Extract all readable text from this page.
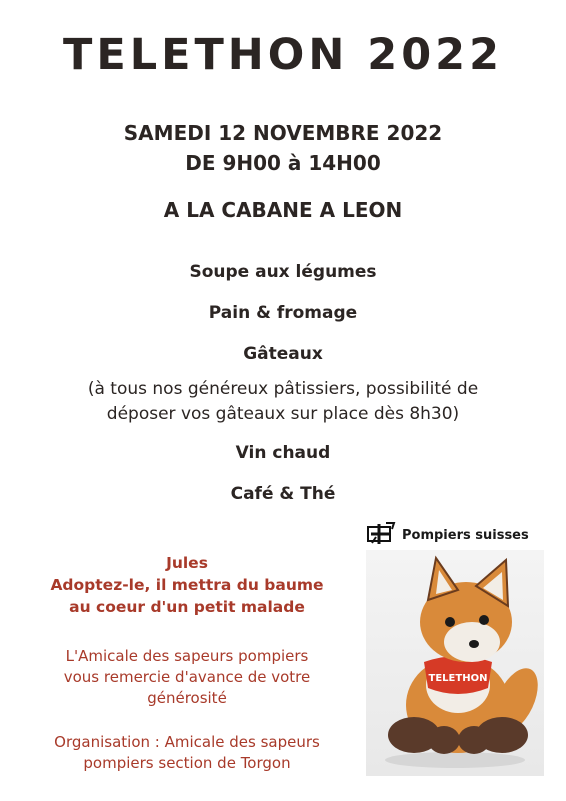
TELETHON 2022
SAMEDI 12 NOVEMBRE 2022
DE 9H00 à 14H00
A LA CABANE A LEON
Soupe aux légumes
Pain & fromage
Gâteaux
(à tous nos généreux pâtissiers, possibilité de
déposer vos gâteaux sur place dès 8h30)
Vin chaud
Café & Thé
Pompiers suisses
TELETHON
Jules
Adoptez-le, il mettra du baume
au coeur d'un petit malade
L'Amicale des sapeurs pompiers
vous remercie d'avance de votre
générosité
Organisation : Amicale des sapeurs
pompiers section de Torgon
